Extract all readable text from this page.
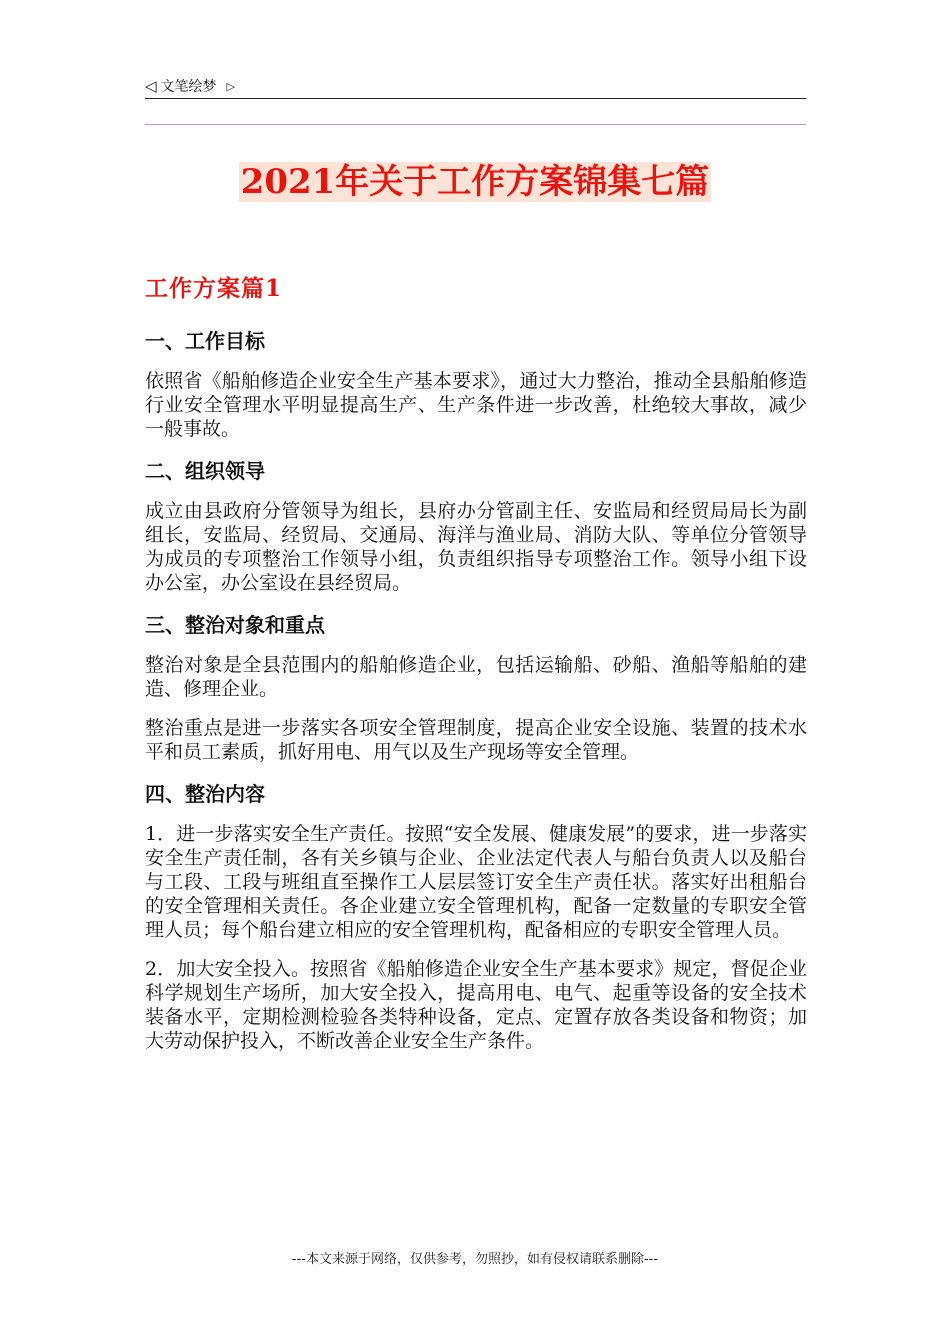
◁ 文笔绘梦 ▷
2021年关于工作方案锦集七篇
工作方案篇1
一、工作目标
依照省《船舶修造企业安全生产基本要求》，通过大力整治，推动全县船舶修造行业安全管理水平明显提高生产、生产条件进一步改善，杜绝较大事故，减少一般事故。
二、组织领导
成立由县政府分管领导为组长，县府办分管副主任、安监局和经贸局局长为副组长，安监局、经贸局、交通局、海洋与渔业局、消防大队、等单位分管领导为成员的专项整治工作领导小组，负责组织指导专项整治工作。领导小组下设办公室，办公室设在县经贸局。
三、整治对象和重点
整治对象是全县范围内的船舶修造企业，包括运输船、砂船、渔船等船舶的建造、修理企业。
整治重点是进一步落实各项安全管理制度，提高企业安全设施、装置的技术水平和员工素质，抓好用电、用气以及生产现场等安全管理。
四、整治内容
1．进一步落实安全生产责任。按照“安全发展、健康发展”的要求，进一步落实安全生产责任制，各有关乡镇与企业、企业法定代表人与船台负责人以及船台与工段、工段与班组直至操作工人层层签订安全生产责任状。落实好出租船台的安全管理相关责任。各企业建立安全管理机构，配备一定数量的专职安全管理人员；每个船台建立相应的安全管理机构，配备相应的专职安全管理人员。
2．加大安全投入。按照省《船舶修造企业安全生产基本要求》规定，督促企业科学规划生产场所，加大安全投入，提高用电、电气、起重等设备的安全技术装备水平，定期检测检验各类特种设备，定点、定置存放各类设备和物资；加大劳动保护投入，不断改善企业安全生产条件。
---本文来源于网络，仅供参考，勿照抄，如有侵权请联系删除---
